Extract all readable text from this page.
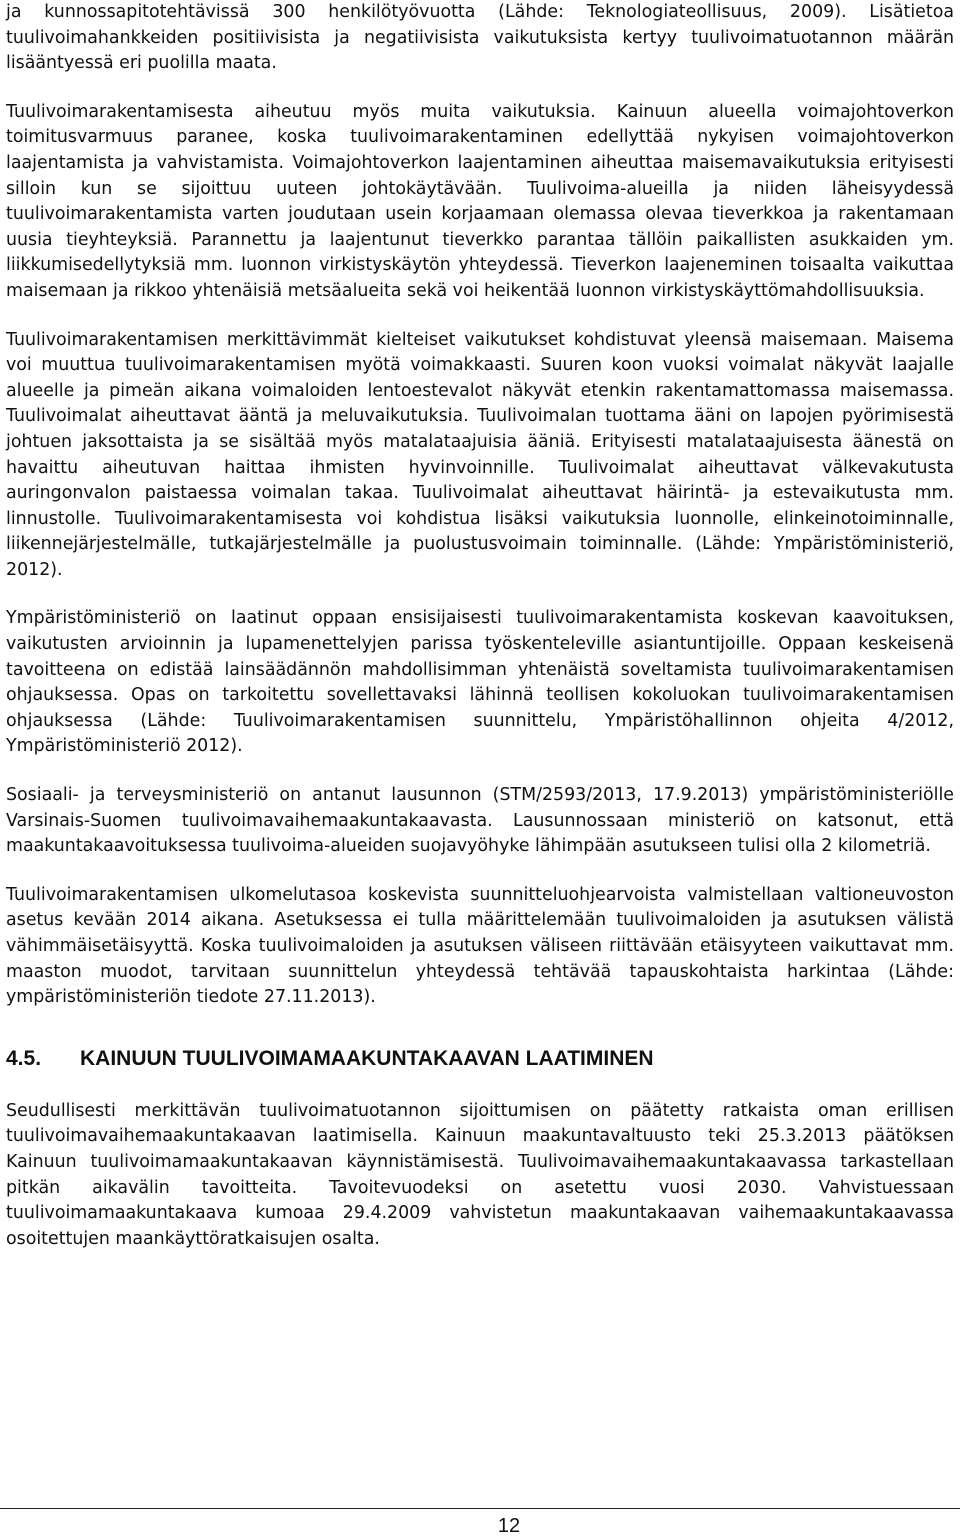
ja kunnossapitotehtävissä 300 henkilötyövuotta (Lähde: Teknologiateollisuus, 2009). Lisätietoa tuulivoimahankkeiden positiivisista ja negatiivisista vaikutuksista kertyy tuulivoimatuotannon määrän lisääntyessä eri puolilla maata.

Tuulivoimarakentamisesta aiheutuu myös muita vaikutuksia. Kainuun alueella voimajohtoverkon toimitusvarmuus paranee, koska tuulivoimarakentaminen edellyttää nykyisen voimajohtoverkon laajentamista ja vahvistamista. Voimajohtoverkon laajentaminen aiheuttaa maisemavaikutuksia erityisesti silloin kun se sijoittuu uuteen johtokäytävään. Tuulivoima-alueilla ja niiden läheisyydessä tuulivoimarakentamista varten joudutaan usein korjaamaan olemassa olevaa tieverkkoa ja rakentamaan uusia tieyhteyksiä. Parannettu ja laajentunut tieverkko parantaa tällöin paikallisten asukkaiden ym. liikkumisedellytyksiä mm. luonnon virkistyskäytön yhteydessä. Tieverkon laajeneminen toisaalta vaikuttaa maisemaan ja rikkoo yhtenäisiä metsäalueita sekä voi heikentää luonnon virkistyskäyttömahdollisuuksia.

Tuulivoimarakentamisen merkittävimmät kielteiset vaikutukset kohdistuvat yleensä maisemaan. Maisema voi muuttua tuulivoimarakentamisen myötä voimakkaasti. Suuren koon vuoksi voimalat näkyvät laajalle alueelle ja pimeän aikana voimaloiden lentoestevalot näkyvät etenkin rakentamattomassa maisemassa. Tuulivoimalat aiheuttavat ääntä ja meluvaikutuksia. Tuulivoimalan tuottama ääni on lapojen pyörimisestä johtuen jaksottaista ja se sisältää myös matalataajuisia ääniä. Erityisesti matalataajuisesta äänestä on havaittu aiheutuvan haittaa ihmisten hyvinvoinnille. Tuulivoimalat aiheuttavat välkevakutusta auringonvalon paistaessa voimalan takaa. Tuulivoimalat aiheuttavat häirintä- ja estevaikutusta mm. linnustolle. Tuulivoimarakentamisesta voi kohdistua lisäksi vaikutuksia luonnolle, elinkeinotoiminnalle, liikennejärjestelmälle, tutkajärjestelmälle ja puolustusvoimain toiminnalle. (Lähde: Ympäristöministeriö, 2012).

Ympäristöministeriö on laatinut oppaan ensisijaisesti tuulivoimarakentamista koskevan kaavoituksen, vaikutusten arvioinnin ja lupamenettelyjen parissa työskenteleville asiantuntijoille. Oppaan keskeisenä tavoitteena on edistää lainsäädännön mahdollisimman yhtenäistä soveltamista tuulivoimarakentamisen ohjauksessa. Opas on tarkoitettu sovellettavaksi lähinnä teollisen kokoluokan tuulivoimarakentamisen ohjauksessa (Lähde: Tuulivoimarakentamisen suunnittelu, Ympäristöhallinnon ohjeita 4/2012, Ympäristöministeriö 2012).

Sosiaali- ja terveysministeriö on antanut lausunnon (STM/2593/2013, 17.9.2013) ympäristöministeriölle Varsinais-Suomen tuulivoimavaihemaakuntakaavasta. Lausunnossaan ministeriö on katsonut, että maakuntakaavoituksessa tuulivoima-alueiden suojavyöhyke lähimpään asutukseen tulisi olla 2 kilometriä.

Tuulivoimarakentamisen ulkomelutasoa koskevista suunnitteluohjearvoista valmistellaan valtioneuvoston asetus kevään 2014 aikana. Asetuksessa ei tulla määrittelemään tuulivoimaloiden ja asutuksen välistä vähimmäisetäisyyttä. Koska tuulivoimaloiden ja asutuksen väliseen riittävään etäisyyteen vaikuttavat mm. maaston muodot, tarvitaan suunnittelun yhteydessä tehtävää tapauskohtaista harkintaa (Lähde: ympäristöministeriön tiedote 27.11.2013).

4.5. KAINUUN TUULIVOIMAMAAKUNTAKAAVAN LAATIMINEN

Seudullisesti merkittävän tuulivoimatuotannon sijoittumisen on päätetty ratkaista oman erillisen tuulivoimavaihemaakuntakaavan laatimisella. Kainuun maakuntavaltuusto teki 25.3.2013 päätöksen Kainuun tuulivoimamaakuntakaavan käynnistämisestä. Tuulivoimavaihemaakuntakaavassa tarkastellaan pitkän aikavälin tavoitteita. Tavoitevuodeksi on asetettu vuosi 2030. Vahvistuessaan tuulivoimamaakuntakaava kumoaa 29.4.2009 vahvistetun maakuntakaavan vaihemaakuntakaavassa osoitettujen maankäyttöratkaisujen osalta.

12
